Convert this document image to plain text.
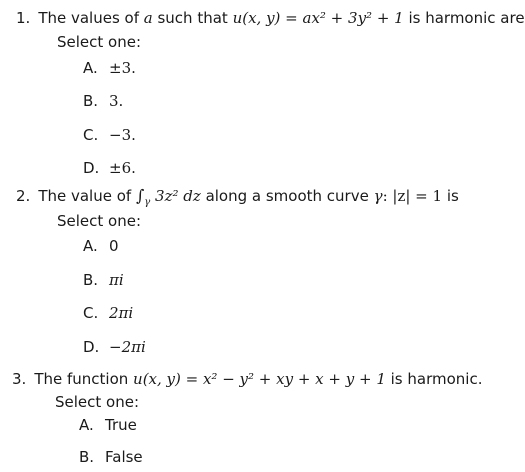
1. The values of a such that u(x, y) = ax² + 3y² + 1 is harmonic are
Select one:
A. ±3.
B. 3.
C. −3.
D. ±6.
2. The value of $\int_\gamma$ 3z² dz along a smooth curve γ: |z| = 1 is
Select one:
A. 0
B. πi
C. 2πi
D. −2πi
3. The function u(x, y) = x² − y² + xy + x + y + 1 is harmonic.
Select one:
A. True
B. False
